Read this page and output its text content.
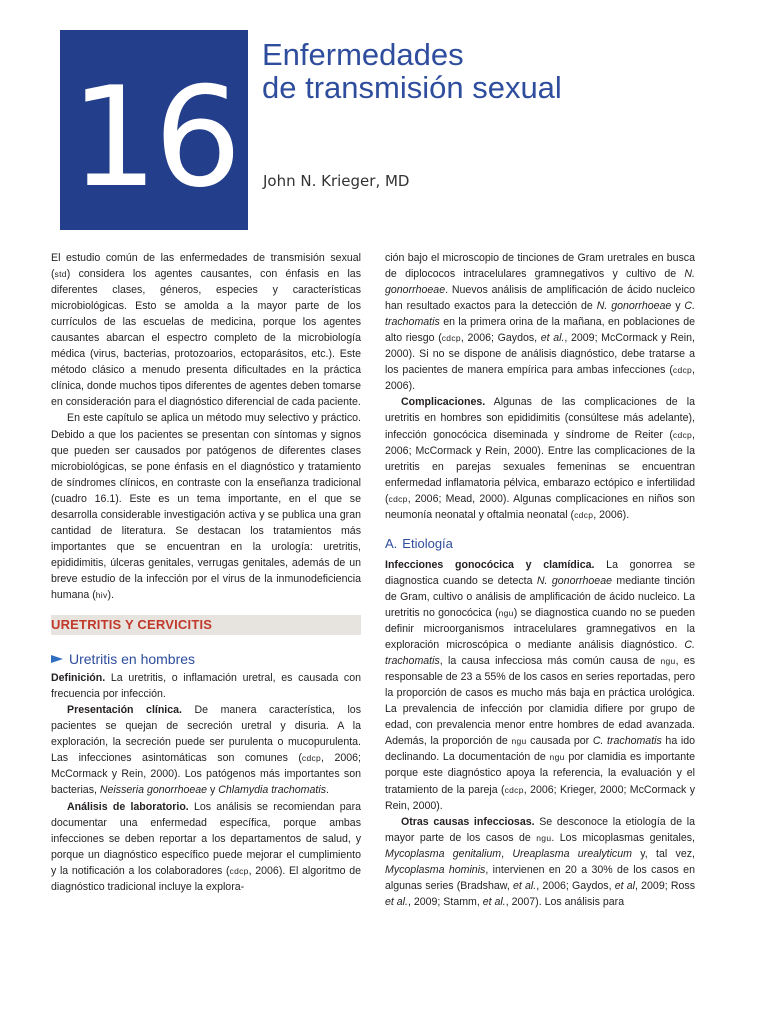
16
Enfermedades
de transmisión sexual
John N. Krieger, MD

El estudio común de las enfermedades de transmisión sexual (std) considera los agentes causantes, con énfasis en las diferentes clases, géneros, especies y características microbiológicas. Esto se amolda a la mayor parte de los currículos de las escuelas de medicina, porque los agentes causantes abarcan el espectro completo de la microbiología médica (virus, bacterias, protozoarios, ectoparásitos, etc.). Este método clásico a menudo presenta dificultades en la práctica clínica, donde muchos tipos diferentes de agentes deben tomarse en consideración para el diagnóstico diferencial de cada paciente.

En este capítulo se aplica un método muy selectivo y práctico. Debido a que los pacientes se presentan con síntomas y signos que pueden ser causados por patógenos de diferentes clases microbiológicas, se pone énfasis en el diagnóstico y tratamiento de síndromes clínicos, en contraste con la enseñanza tradicional (cuadro 16.1). Este es un tema importante, en el que se desarrolla considerable investigación activa y se publica una gran cantidad de literatura. Se destacan los tratamientos más importantes que se encuentran en la urología: uretritis, epididimitis, úlceras genitales, verrugas genitales, además de un breve estudio de la infección por el virus de la inmunodeficiencia humana (hiv).

URETRITIS Y CERVICITIS
Uretritis en hombres

Definición. La uretritis, o inflamación uretral, es causada con frecuencia por infección.

Presentación clínica. De manera característica, los pacientes se quejan de secreción uretral y disuria. A la exploración, la secreción puede ser purulenta o mucopurulenta. Las infecciones asintomáticas son comunes (cdcp, 2006; McCormack y Rein, 2000). Los patógenos más importantes son bacterias, Neisseria gonorrhoeae y Chlamydia trachomatis.

Análisis de laboratorio. Los análisis se recomiendan para documentar una enfermedad específica, porque ambas infecciones se deben reportar a los departamentos de salud, y porque un diagnóstico específico puede mejorar el cumplimiento y la notificación a los colaboradores (cdcp, 2006). El algoritmo de diagnóstico tradicional incluye la explora-

ción bajo el microscopio de tinciones de Gram uretrales en busca de diplococos intracelulares gramnegativos y cultivo de N. gonorrhoeae. Nuevos análisis de amplificación de ácido nucleico han resultado exactos para la detección de N. gonorrhoeae y C. trachomatis en la primera orina de la mañana, en poblaciones de alto riesgo (cdcp, 2006; Gaydos, et al., 2009; McCormack y Rein, 2000). Si no se dispone de análisis diagnóstico, debe tratarse a los pacientes de manera empírica para ambas infecciones (cdcp, 2006).

Complicaciones. Algunas de las complicaciones de la uretritis en hombres son epididimitis (consúltese más adelante), infección gonocócica diseminada y síndrome de Reiter (cdcp, 2006; McCormack y Rein, 2000). Entre las complicaciones de la uretritis en parejas sexuales femeninas se encuentran enfermedad inflamatoria pélvica, embarazo ectópico e infertilidad (cdcp, 2006; Mead, 2000). Algunas complicaciones en niños son neumonía neonatal y oftalmia neonatal (cdcp, 2006).

A. Etiología

Infecciones gonocócica y clamídica. La gonorrea se diagnostica cuando se detecta N. gonorrhoeae mediante tinción de Gram, cultivo o análisis de amplificación de ácido nucleico. La uretritis no gonocócica (ngu) se diagnostica cuando no se pueden definir microorganismos intracelulares gramnegativos en la exploración microscópica o mediante análisis diagnóstico. C. trachomatis, la causa infecciosa más común causa de ngu, es responsable de 23 a 55% de los casos en series reportadas, pero la proporción de casos es mucho más baja en práctica urológica. La prevalencia de infección por clamidia difiere por grupo de edad, con prevalencia menor entre hombres de edad avanzada. Además, la proporción de ngu causada por C. trachomatis ha ido declinando. La documentación de ngu por clamidia es importante porque este diagnóstico apoya la referencia, la evaluación y el tratamiento de la pareja (cdcp, 2006; Krieger, 2000; McCormack y Rein, 2000).

Otras causas infecciosas. Se desconoce la etiología de la mayor parte de los casos de ngu. Los micoplasmas genitales, Mycoplasma genitalium, Ureaplasma urealyticum y, tal vez, Mycoplasma hominis, intervienen en 20 a 30% de los casos en algunas series (Bradshaw, et al., 2006; Gaydos, et al, 2009; Ross et al., 2009; Stamm, et al., 2007). Los análisis para
